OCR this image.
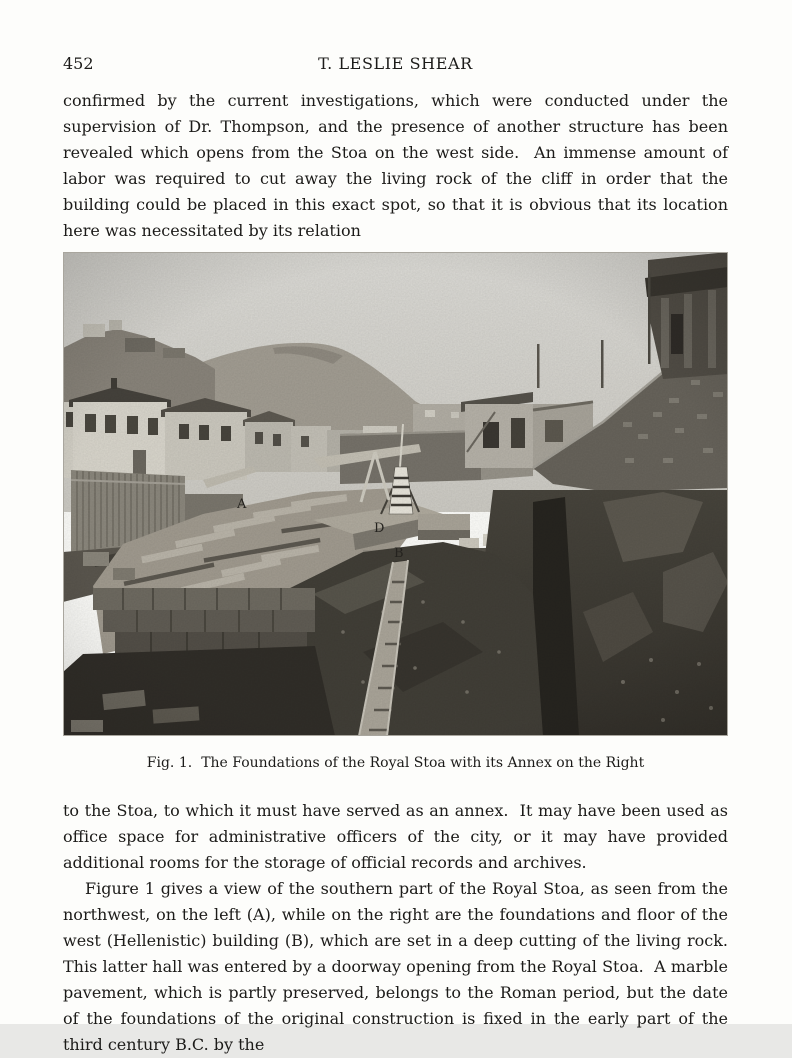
452	T. LESLIE SHEAR

confirmed by the current investigations, which were conducted under the supervision of Dr. Thompson, and the presence of another structure has been revealed which opens from the Stoa on the west side.  An immense amount of labor was required to cut away the living rock of the cliff in order that the building could be placed in this exact spot, so that it is obvious that its location here was necessitated by its relation

Fig. 1. The Foundations of the Royal Stoa with its Annex on the Right

to the Stoa, to which it must have served as an annex.  It may have been used as office space for administrative officers of the city, or it may have provided additional rooms for the storage of official records and archives.

Figure 1 gives a view of the southern part of the Royal Stoa, as seen from the northwest, on the left (A), while on the right are the foundations and floor of the west (Hellenistic) building (B), which are set in a deep cutting of the living rock.  This latter hall was entered by a doorway opening from the Royal Stoa.  A marble pavement, which is partly preserved, belongs to the Roman period, but the date of the foundations of the original construction is fixed in the early part of the third century B.C. by the
